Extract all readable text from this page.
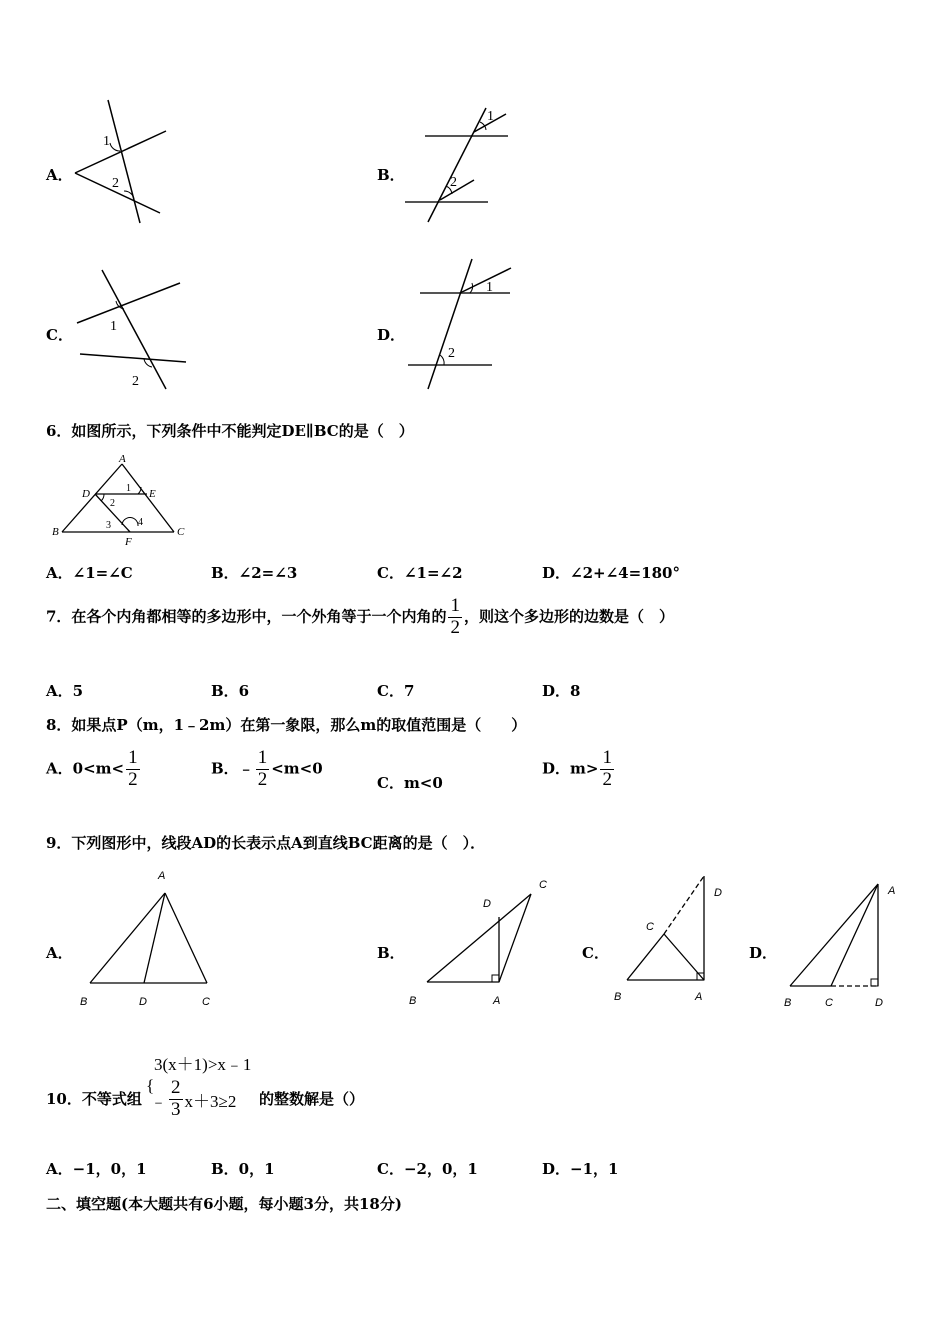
A．
1
2	B．
1
2
C．	1
2
D．
1
2
6．如图所示，下列条件中不能判定DE∥BC的是（　）
A
B	C
D	E
F
1
2
3	4
A．∠1=∠C	B．∠2=∠3	C．∠1=∠2	D．∠2+∠4=180°
7．在各个内角都相等的多边形中，一个外角等于一个内角的 $\frac{1}{2}$ ，则这个多边形的边数是（　）
A．5	B．6	C．7	D．8
8．如果点P（m，1﹣2m）在第一象限，那么m的取值范围是（　　）
A．$0<m< \frac{1}{2}$	B．﹣ $\frac{1}{2} <m<0$
C．m<0
D．$m> \frac{1}{2}$
9．下列图形中，线段AD的长表示点A到直线BC距离的是（　）．
A．
A
B	D	C
B．
C
D
B	A
C．
D
C
B	A
D．
A
B	C	D
3(x＋1)>x﹣1
10．不等式组
{
﹣ $\frac{2}{3} x+3\ge 2$ 的整数解是（）
A．−1，0，1	B．0，1	C．−2，0，1	D．−1，1
二、填空题(本大题共有6小题，每小题3分，共18分)
